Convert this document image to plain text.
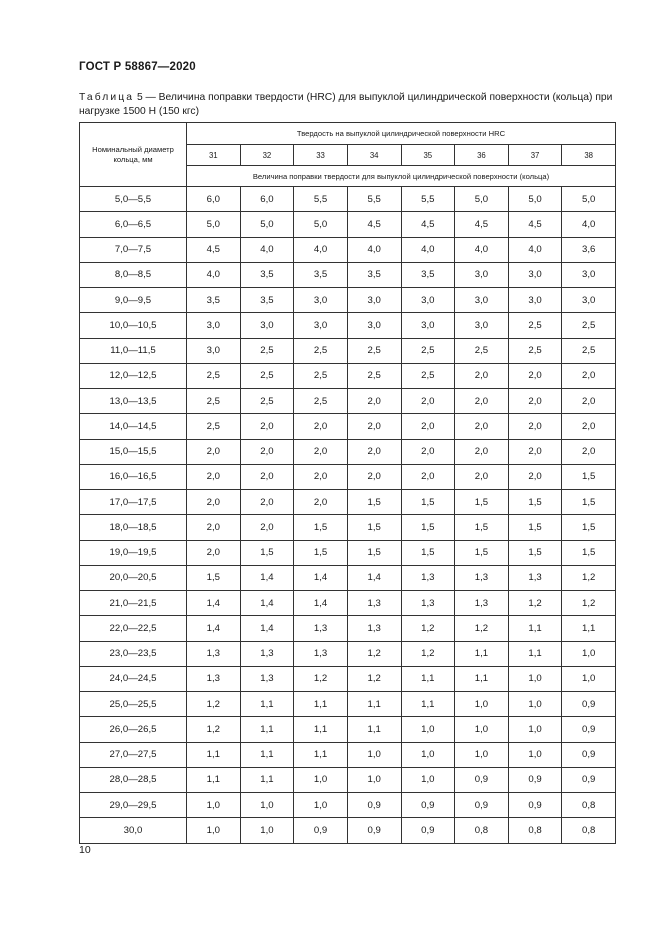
ГОСТ Р 58867—2020
Таблица 5 — Величина поправки твердости (HRC) для выпуклой цилиндрической поверхности (кольца) при нагрузке 1500 Н (150 кгс)
Номинальный диаметр кольца, мм	Твердость на выпуклой цилиндрической поверхности HRC							
	31	32	33	34	35	36	37	38
	Величина поправки твердости для выпуклой цилиндрической поверхности (кольца)							
5,0—5,5	6,0	6,0	5,5	5,5	5,5	5,0	5,0	5,0
6,0—6,5	5,0	5,0	5,0	4,5	4,5	4,5	4,5	4,0
7,0—7,5	4,5	4,0	4,0	4,0	4,0	4,0	4,0	3,6
8,0—8,5	4,0	3,5	3,5	3,5	3,5	3,0	3,0	3,0
9,0—9,5	3,5	3,5	3,0	3,0	3,0	3,0	3,0	3,0
10,0—10,5	3,0	3,0	3,0	3,0	3,0	3,0	2,5	2,5
11,0—11,5	3,0	2,5	2,5	2,5	2,5	2,5	2,5	2,5
12,0—12,5	2,5	2,5	2,5	2,5	2,5	2,0	2,0	2,0
13,0—13,5	2,5	2,5	2,5	2,0	2,0	2,0	2,0	2,0
14,0—14,5	2,5	2,0	2,0	2,0	2,0	2,0	2,0	2,0
15,0—15,5	2,0	2,0	2,0	2,0	2,0	2,0	2,0	2,0
16,0—16,5	2,0	2,0	2,0	2,0	2,0	2,0	2,0	1,5
17,0—17,5	2,0	2,0	2,0	1,5	1,5	1,5	1,5	1,5
18,0—18,5	2,0	2,0	1,5	1,5	1,5	1,5	1,5	1,5
19,0—19,5	2,0	1,5	1,5	1,5	1,5	1,5	1,5	1,5
20,0—20,5	1,5	1,4	1,4	1,4	1,3	1,3	1,3	1,2
21,0—21,5	1,4	1,4	1,4	1,3	1,3	1,3	1,2	1,2
22,0—22,5	1,4	1,4	1,3	1,3	1,2	1,2	1,1	1,1
23,0—23,5	1,3	1,3	1,3	1,2	1,2	1,1	1,1	1,0
24,0—24,5	1,3	1,3	1,2	1,2	1,1	1,1	1,0	1,0
25,0—25,5	1,2	1,1	1,1	1,1	1,1	1,0	1,0	0,9
26,0—26,5	1,2	1,1	1,1	1,1	1,0	1,0	1,0	0,9
27,0—27,5	1,1	1,1	1,1	1,0	1,0	1,0	1,0	0,9
28,0—28,5	1,1	1,1	1,0	1,0	1,0	0,9	0,9	0,9
29,0—29,5	1,0	1,0	1,0	0,9	0,9	0,9	0,9	0,8
30,0	1,0	1,0	0,9	0,9	0,9	0,8	0,8	0,8
10
